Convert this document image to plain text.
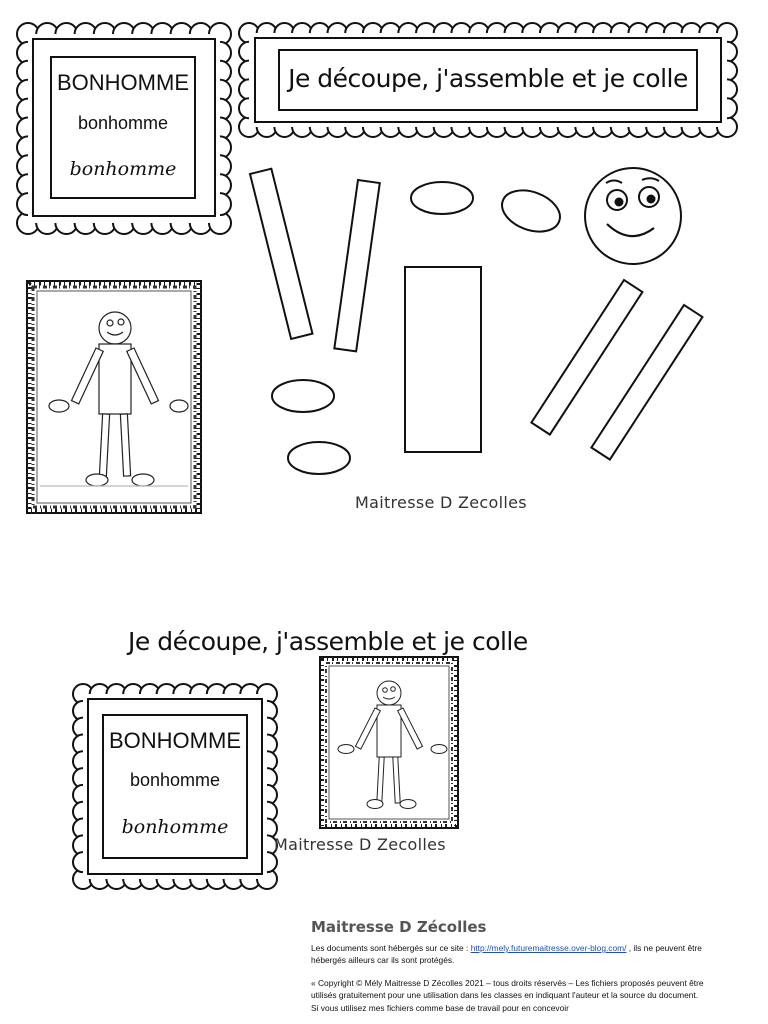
BONHOMME
bonhomme
bonhomme
Je découpe, j'assemble et je colle
Maitresse D Zecolles
Je découpe, j'assemble et je colle
BONHOMME
bonhomme
bonhomme
Maitresse D Zecolles
Maitresse D Zécolles

Les documents sont hébergés sur ce site : http://mely.futuremaitresse.over-blog.com/ , ils ne peuvent être hébergés ailleurs car ils sont protégés.

« Copyright © Mély Maitresse D Zécolles 2021 – tous droits réservés – Les fichiers proposés peuvent être utilisés gratuitement pour une utilisation dans les classes en indiquant l'auteur et la source du document. Si vous utilisez mes fichiers comme base de travail pour en concevoir
